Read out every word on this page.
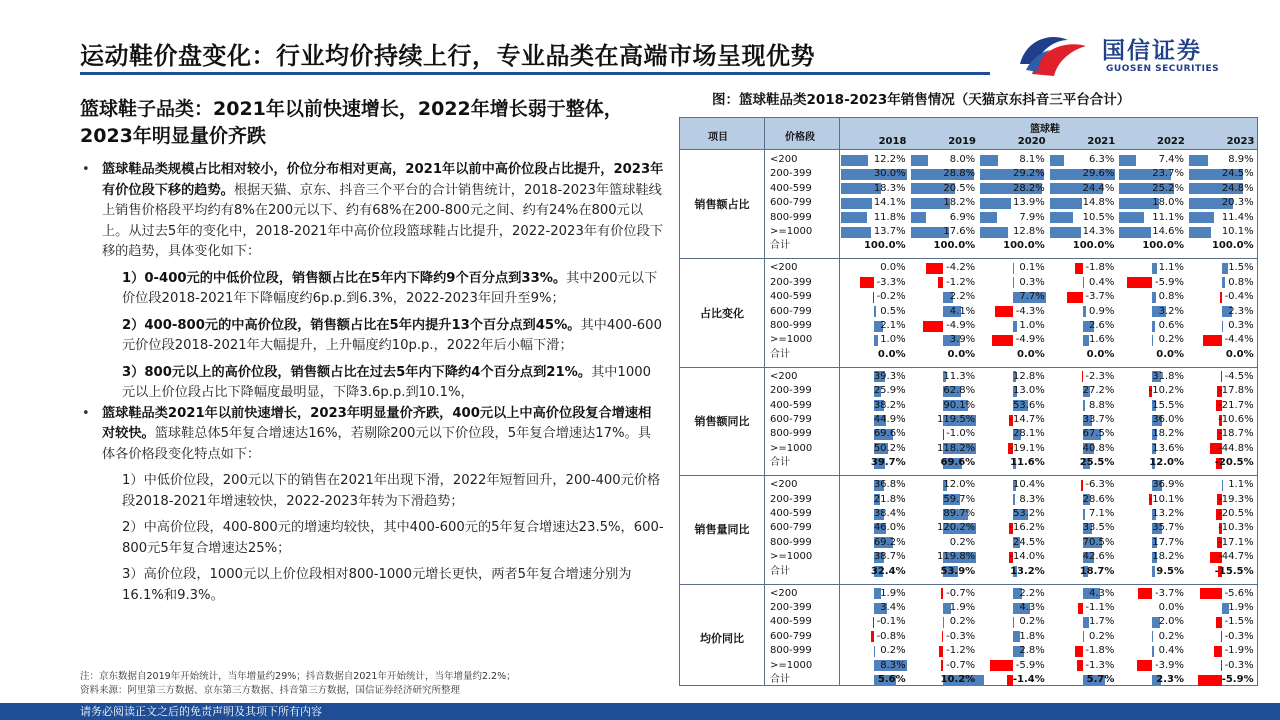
运动鞋价盘变化：行业均价持续上行，专业品类在高端市场呈现优势	国信证券
GUOSEN SECURITIES
篮球鞋子品类：2021年以前快速增长，2022年增长弱于整体，2023年明显量价齐跌
• 篮球鞋品类规模占比相对较小，价位分布相对更高，2021年以前中高价位段占比提升，2023年有价位段下移的趋势。根据天猫、京东、抖音三个平台的合计销售统计，2018-2023年篮球鞋线上销售价格段平均约有8%在200元以下、约有68%在200-800元之间、约有24%在800元以上。从过去5年的变化中，2018-2021年中高价位段篮球鞋占比提升，2022-2023年有价位段下移的趋势，具体变化如下：
1）0-400元的中低价位段，销售额占比在5年内下降约9个百分点到33%。其中200元以下价位段2018-2021年下降幅度约6p.p.到6.3%，2022-2023年回升至9%；
2）400-800元的中高价位段，销售额占比在5年内提升13个百分点到45%。其中400-600元价位段2018-2021年大幅提升，上升幅度约10p.p.，2022年后小幅下滑；
3）800元以上的高价位段，销售额占比在过去5年内下降约4个百分点到21%。其中1000元以上价位段占比下降幅度最明显，下降3.6p.p.到10.1%，
• 篮球鞋品类2021年以前快速增长，2023年明显量价齐跌，400元以上中高价位段复合增速相对较快。篮球鞋总体5年复合增速达16%，若剔除200元以下价位段，5年复合增速达17%。具体各价格段变化特点如下：
1）中低价位段，200元以下的销售在2021年出现下滑，2022年短暂回升，200-400元价格段2018-2021年增速较快，2022-2023年转为下滑趋势；
2）中高价位段，400-800元的增速均较快，其中400-600元的5年复合增速达23.5%，600-800元5年复合增速达25%；
3）高价位段，1000元以上价位段相对800-1000元增长更快，两者5年复合增速分别为16.1%和9.3%。
注：京东数据自2019年开始统计，当年增量约29%；抖音数据自2021年开始统计，当年增量约2.2%；
资料来源：阿里第三方数据、京东第三方数据、抖音第三方数据，国信证券经济研究所整理
图：篮球鞋品类2018-2023年销售情况（天猫京东抖音三平台合计）
项目	价格段
篮球鞋
2018	2019	2020	2021	2022	2023
销售额占比
<200	12.2%	8.0%	8.1%	6.3%	7.4%	8.9%
200-399	30.0%	28.8%	29.2%	29.6%	23.7%	24.5%
400-599	18.3%	20.5%	28.2%	24.4%	25.2%	24.8%
600-799	14.1%	18.2%	13.9%	14.8%	18.0%	20.3%
800-999	11.8%	6.9%	7.9%	10.5%	11.1%	11.4%
>=1000	13.7%	17.6%	12.8%	14.3%	14.6%	10.1%
合计	100.0%	100.0%	100.0%	100.0%	100.0%	100.0%
占比变化
<200	0.0%	-4.2%	0.1%	-1.8%	1.1%	1.5%
200-399	-3.3%	-1.2%	0.3%	0.4%	-5.9%	0.8%
400-599	-0.2%	2.2%	7.7%	-3.7%	0.8%	-0.4%
600-799	0.5%	4.1%	-4.3%	0.9%	3.2%	2.3%
800-999	2.1%	-4.9%	1.0%	2.6%	0.6%	0.3%
>=1000	1.0%	3.9%	-4.9%	1.6%	0.2%	-4.4%
合计	0.0%	0.0%	0.0%	0.0%	0.0%	0.0%
销售额同比
<200	39.3%	11.3%	12.8%	-2.3%	31.8%	-4.5%
200-399	25.9%	62.8%	13.0%	27.2%	-10.2%	-17.8%
400-599	38.2%	90.1%	53.6%	8.8%	15.5%	-21.7%
600-799	44.9%	119.5%	-14.7%	33.7%	36.0%	-10.6%
800-999	69.6%	-1.0%	28.1%	67.5%	18.2%	-18.7%
>=1000	50.2%	118.2%	-19.1%	40.8%	13.6%	-44.8%
合计	39.7%	69.6%	11.6%	25.5%	12.0%	-20.5%
销售量同比
<200	36.8%	12.0%	10.4%	-6.3%	36.9%	1.1%
200-399	21.8%	59.7%	8.3%	28.6%	-10.1%	-19.3%
400-599	38.4%	89.7%	53.2%	7.1%	13.2%	-20.5%
600-799	46.0%	120.2%	-16.2%	33.5%	35.7%	-10.3%
800-999	69.2%	0.2%	24.5%	70.5%	17.7%	-17.1%
>=1000	38.7%	119.8%	-14.0%	42.6%	18.2%	-44.7%
合计	32.4%	53.9%	13.2%	18.7%	9.5%	-15.5%
均价同比
<200	1.9%	-0.7%	2.2%	4.3%	-3.7%	-5.6%
200-399	3.4%	1.9%	4.3%	-1.1%	0.0%	1.9%
400-599	-0.1%	0.2%	0.2%	1.7%	2.0%	-1.5%
600-799	-0.8%	-0.3%	1.8%	0.2%	0.2%	-0.3%
800-999	0.2%	-1.2%	2.8%	-1.8%	0.4%	-1.9%
>=1000	8.3%	-0.7%	-5.9%	-1.3%	-3.9%	-0.3%
合计	5.6%	10.2%	-1.4%	5.7%	2.3%	-5.9%
请务必阅读正文之后的免责声明及其项下所有内容
